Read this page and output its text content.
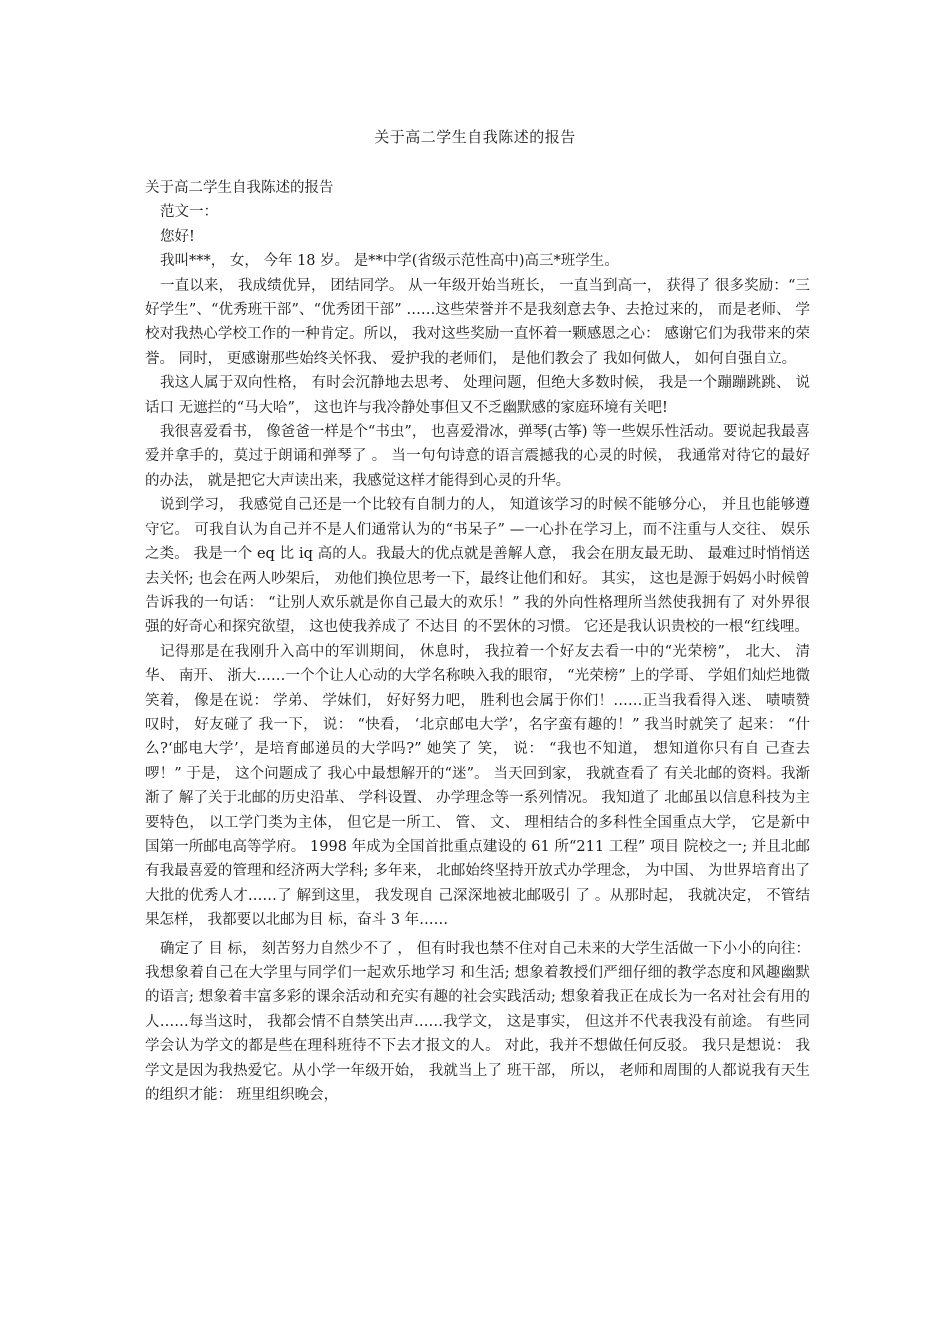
关于高二学生自我陈述的报告

关于高二学生自我陈述的报告

范文一：

您好!

我叫***， 女， 今年 18 岁。 是**中学(省级示范性高中)高三*班学生。

一直以来， 我成绩优异， 团结同学。 从一年级开始当班长， 一直当到高一， 获得了 很多奖励：“三好学生”、“优秀班干部”、“优秀团干部” ……这些荣誉并不是我刻意去争、去抢过来的， 而是老师、 学校对我热心学校工作的一种肯定。所以， 我对这些奖励一直怀着一颗感恩之心： 感谢它们为我带来的荣誉。 同时， 更感谢那些始终关怀我、 爱护我的老师们， 是他们教会了 我如何做人， 如何自强自立。

我这人属于双向性格， 有时会沉静地去思考、 处理问题，但绝大多数时候， 我是一个蹦蹦跳跳、 说话口 无遮拦的“马大哈”， 这也许与我冷静处事但又不乏幽默感的家庭环境有关吧!

我很喜爱看书， 像爸爸一样是个“书虫”， 也喜爱滑冰，弹琴(古筝) 等一些娱乐性活动。要说起我最喜爱并拿手的，莫过于朗诵和弹琴了 。 当一句句诗意的语言震撼我的心灵的时候， 我通常对待它的最好的办法， 就是把它大声读出来，我感觉这样才能得到心灵的升华。

说到学习， 我感觉自己还是一个比较有自制力的人， 知道该学习的时候不能够分心， 并且也能够遵守它。 可我自认为自己并不是人们通常认为的“书呆子” —一心扑在学习上，而不注重与人交往、 娱乐之类。 我是一个 eq 比 iq 高的人。我最大的优点就是善解人意， 我会在朋友最无助、 最难过时悄悄送去关怀; 也会在两人吵架后， 劝他们换位思考一下，最终让他们和好。 其实， 这也是源于妈妈小时候曾告诉我的一句话： “让别人欢乐就是你自己最大的欢乐！” 我的外向性格理所当然使我拥有了 对外界很强的好奇心和探究欲望， 这也使我养成了 不达目 的不罢休的习惯。 它还是我认识贵校的一根“红线哩。

记得那是在我刚升入高中的军训期间， 休息时， 我拉着一个好友去看一中的“光荣榜”， 北大、 清华、 南开、 浙大……一个个让人心动的大学名称映入我的眼帘， “光荣榜” 上的学哥、 学姐们灿烂地微笑着， 像是在说： 学弟、 学妹们， 好好努力吧， 胜利也会属于你们！……正当我看得入迷、 啧啧赞叹时， 好友碰了 我一下， 说： “快看， ‘北京邮电大学’，名字蛮有趣的！” 我当时就笑了 起来： “什么?‘邮电大学’，是培育邮递员的大学吗?” 她笑了 笑， 说： “我也不知道， 想知道你只有自 己查去啰！” 于是， 这个问题成了 我心中最想解开的“迷”。 当天回到家， 我就查看了 有关北邮的资料。我渐渐了 解了关于北邮的历史沿革、 学科设置、 办学理念等一系列情况。 我知道了 北邮虽以信息科技为主要特色， 以工学门类为主体， 但它是一所工、 管、 文、 理相结合的多科性全国重点大学， 它是新中国第一所邮电高等学府。 1998 年成为全国首批重点建设的 61 所“211 工程” 项目 院校之一; 并且北邮有我最喜爱的管理和经济两大学科; 多年来， 北邮始终坚持开放式办学理念， 为中国、 为世界培育出了 大批的优秀人才……了 解到这里， 我发现自 己深深地被北邮吸引 了 。从那时起， 我就决定， 不管结果怎样， 我都要以北邮为目 标，奋斗 3 年……

确定了 目 标， 刻苦努力自然少不了 ， 但有时我也禁不住对自己未来的大学生活做一下小小的向往： 我想象着自己在大学里与同学们一起欢乐地学习 和生活; 想象着教授们严细仔细的教学态度和风趣幽默的语言; 想象着丰富多彩的课余活动和充实有趣的社会实践活动; 想象着我正在成长为一名对社会有用的人……每当这时， 我都会情不自禁笑出声……我学文， 这是事实， 但这并不代表我没有前途。 有些同学会认为学文的都是些在理科班待不下去才报文的人。 对此，我并不想做任何反驳。 我只是想说： 我学文是因为我热爱它。从小学一年级开始， 我就当上了 班干部， 所以， 老师和周围的人都说我有天生的组织才能： 班里组织晚会，
